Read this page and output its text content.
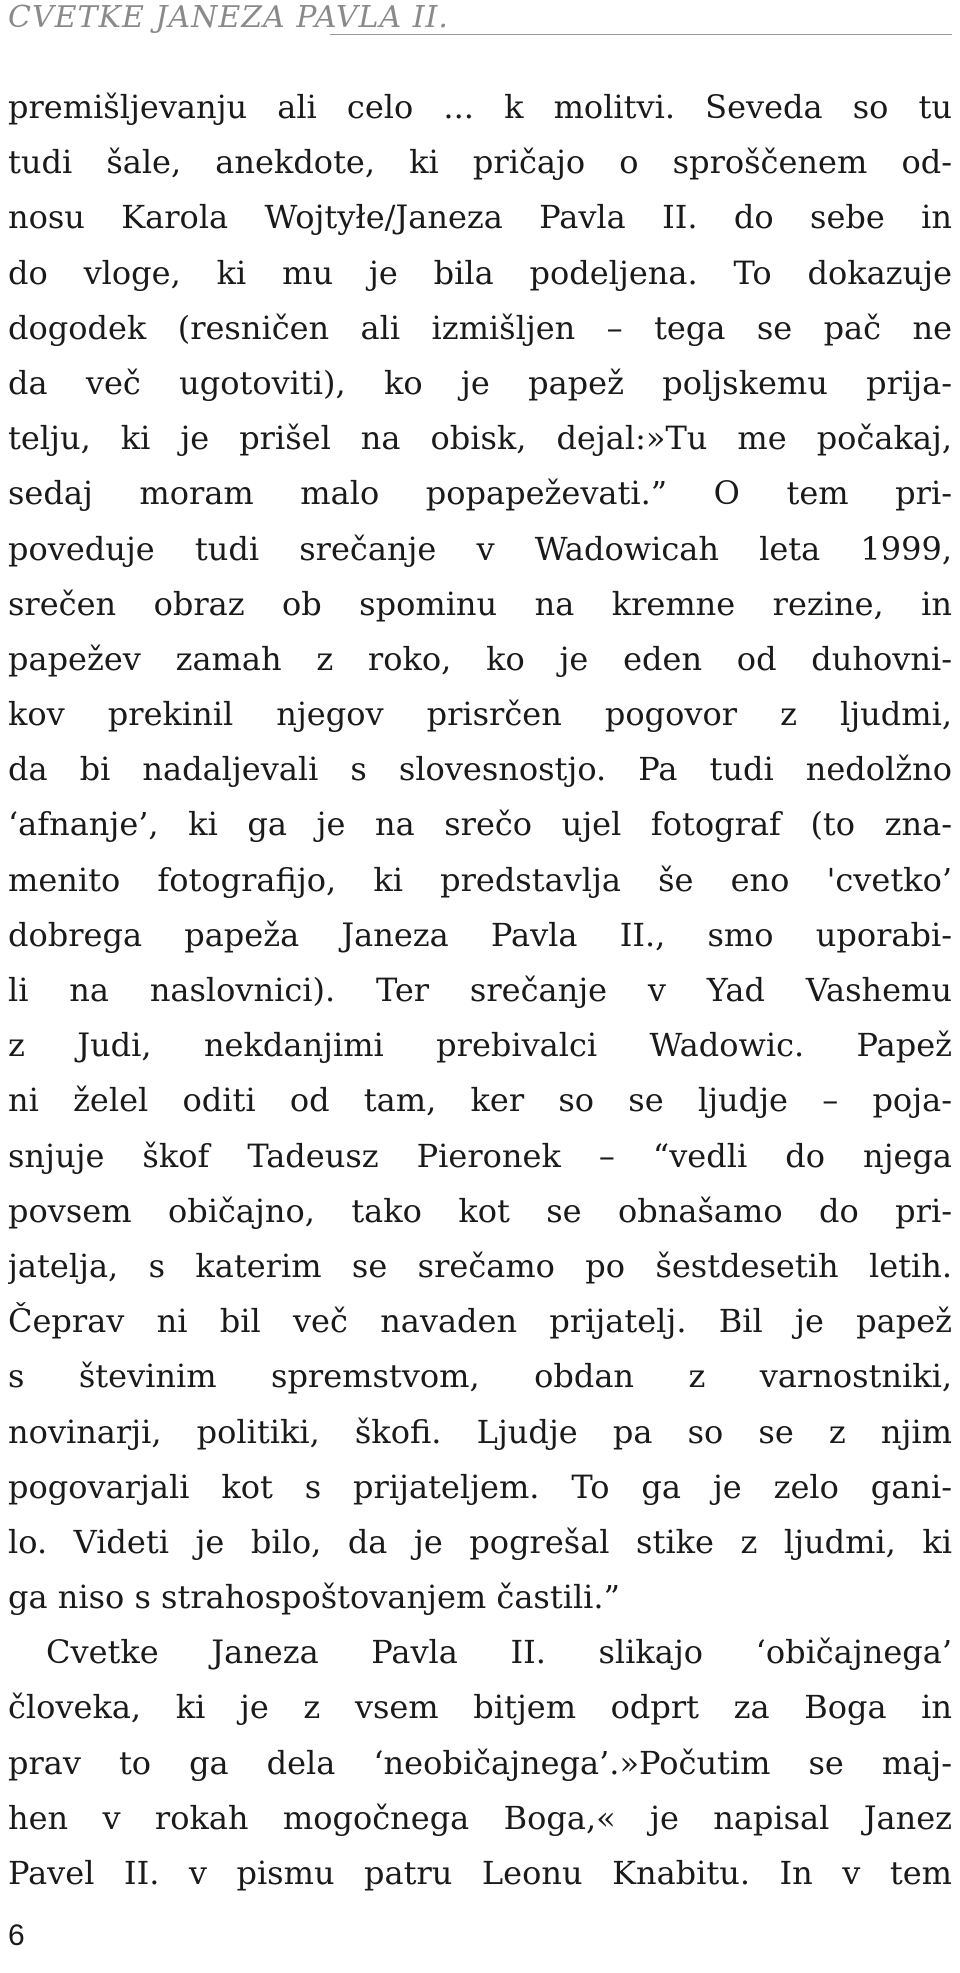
CVETKE JANEZA PAVLA II.
premišljevanju ali celo ... k molitvi. Seveda so tu
tudi šale, anekdote, ki pričajo o sproščenem od-
nosu Karola Wojtyłe/Janeza Pavla II. do sebe in
do vloge, ki mu je bila podeljena. To dokazuje
dogodek (resničen ali izmišljen – tega se pač ne
da več ugotoviti), ko je papež poljskemu prija-
telju, ki je prišel na obisk, dejal:»Tu me počakaj,
sedaj moram malo popapeževati.” O tem pri-
poveduje tudi srečanje v Wadowicah leta 1999,
srečen obraz ob spominu na kremne rezine, in
papežev zamah z roko, ko je eden od duhovni-
kov prekinil njegov prisrčen pogovor z ljudmi,
da bi nadaljevali s slovesnostjo. Pa tudi nedolžno
‘afnanje’, ki ga je na srečo ujel fotograf (to zna-
menito fotografijo, ki predstavlja še eno 'cvetko’
dobrega papeža Janeza Pavla II., smo uporabi-
li na naslovnici). Ter srečanje v Yad Vashemu
z Judi, nekdanjimi prebivalci Wadowic. Papež
ni želel oditi od tam, ker so se ljudje – poja-
snjuje škof Tadeusz Pieronek – “vedli do njega
povsem običajno, tako kot se obnašamo do pri-
jatelja, s katerim se srečamo po šestdesetih letih.
Čeprav ni bil več navaden prijatelj. Bil je papež
s števinim spremstvom, obdan z varnostniki,
novinarji, politiki, škofi. Ljudje pa so se z njim
pogovarjali kot s prijateljem. To ga je zelo gani-
lo. Videti je bilo, da je pogrešal stike z ljudmi, ki
ga niso s strahospoštovanjem častili.”
Cvetke Janeza Pavla II. slikajo ‘običajnega’
človeka, ki je z vsem bitjem odprt za Boga in
prav to ga dela ‘neobičajnega’.»Počutim se maj-
hen v rokah mogočnega Boga,« je napisal Janez
Pavel II. v pismu patru Leonu Knabitu. In v tem
6
